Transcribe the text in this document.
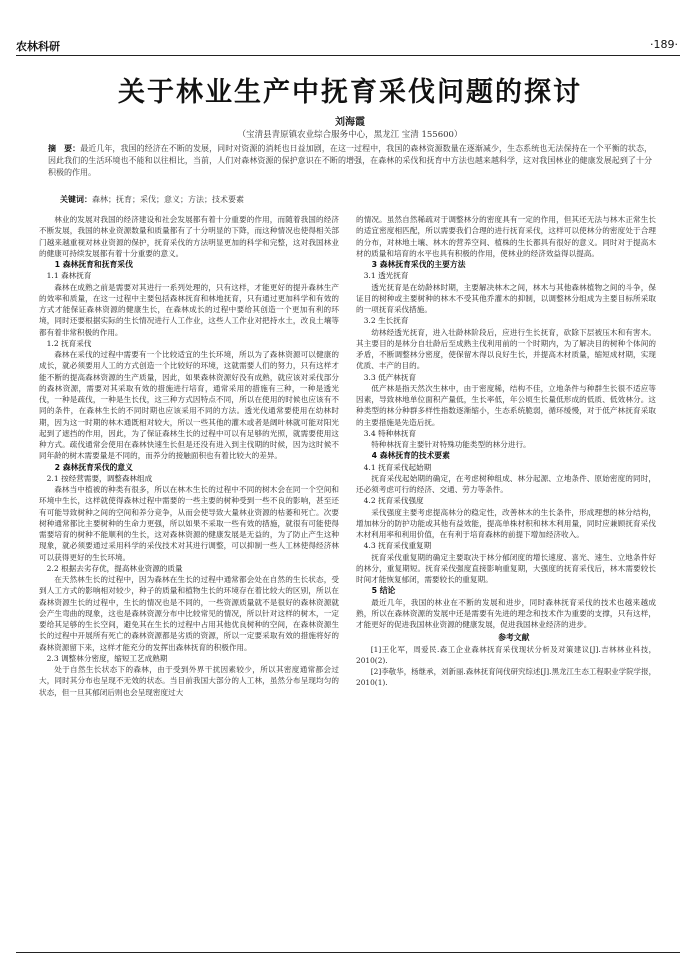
农林科研	·189·
关于林业生产中抚育采伐问题的探讨
刘海霞
（宝清县青原镇农业综合服务中心，黑龙江 宝清 155600）
摘　要：最近几年，我国的经济在不断的发展，同时对资源的消耗也日益加剧，在这一过程中，我国的森林资源数量在逐渐减少，生态系统也无法保持在一个平衡的状态，因此我们的生活环境也不能和以往相比，当前，人们对森林资源的保护意识在不断的增强，在森林的采伐和抚育中方法也越来越科学，这对我国林业的健康发展起到了十分积极的作用。
关键词：森林；抚育；采伐；意义；方法；技术要素

林业的发展对我国的经济建设和社会发展都有着十分重要的作用，而随着我国的经济不断发展，我国的林业资源数量和质量都有了十分明显的下降，而这种情况也使得相关部门越来越重视对林业资源的保护，抚育采伐的方法明显更加的科学和完整，这对我国林业的健康可持续发展都有着十分重要的意义。

1 森林抚育和抚育采伐

1.1 森林抚育

森林在成熟之前是需要对其进行一系列处理的，只有这样，才能更好的提升森林生产的效率和质量，在这一过程中主要包括森林抚育和林地抚育，只有通过更加科学和有效的方式才能保证森林资源的健康生长，在森林成长的过程中要给其创造一个更加有利的环境，同时还要根据实际的生长情况进行人工作业，这些人工作业对把持水土，改良土壤等都有着非常积极的作用。

1.2 抚育采伐

森林在采伐的过程中需要有一个比较适宜的生长环境，所以为了森林资源可以健康的成长，就必须要用人工的方式创造一个比较好的环境，这就需要人们的努力，只有这样才能不断的提高森林资源的生产质量，因此，如果森林资源好没有成熟，就应该对采伐部分的森林资源，需要对其采取有效的措施进行培育，通常采用的措施有三种，一种是透光伐，一种是疏伐，一种是生长伐，这三种方式因特点不同，所以在使用的时候也应该有不同的条件，在森林生长的不同时期也应该采用不同的方法。透光伐通常要使用在幼林时期，因为这一时期的林木通既相对较大，所以一些其他的灌木或者是阔叶林就可能对阳光起到了遮挡的作用，因此，为了保证森林生长的过程中可以有足够的光照，就需要使用这种方式。疏伐通常会使用在森林快速生长但是还没有进入到主伐期的时候，因为这时候不同年龄的树木需要量是不同的，而养分的接触面积也有着比较大的差异。

2 森林抚育采伐的意义

2.1 按经营需要，调整森林组成

森林当中植被的种类有很多，所以在林木生长的过程中不同的树木会在同一个空间和环境中生长，这样就使得森林过程中需要的一些主要的树种受到一些不良的影响，甚至还有可能导致树种之间的空间和养分竞争，从而会使导致大量林业资源的枯萎和死亡。次要树种通常都比主要树种的生命力更强，所以如果不采取一些有效的措施，就很有可能使得需要培育的树种不能顺利的生长，这对森林资源的健康发展是无益的，为了防止产生这种现象，就必须要通过采用科学的采伐技术对其进行调整，可以抑制一些人工林使得经济林可以获得更好的生长环境。

2.2 根据去劣存优，提高林业资源的质量

在天然林生长的过程中，因为森林在生长的过程中通常都会处在自然的生长状态，受到人工方式的影响相对较少，种子的质量和植物生长的环境存在着比较大的区别，所以在森林资源生长的过程中，生长的情况也是不同的，一些资源质量就不是很好的森林资源就会产生弯曲的现象，这也是森林资源分布中比较常见的情况，所以针对这样的树木，一定要给其足够的生长空间，避免其在生长的过程中占用其他优良树种的空间，在森林资源生长的过程中开展所有死亡的森林资源都是劣质的资源，所以一定要采取有效的措施将好的森林资源留下来，这样才能充分的发挥出森林抚育的积极作用。

2.3 调整林分密度，缩短工艺成熟期

处于自然生长状态下的森林，由于受到外界干扰因素较少，所以其密度通常都会过大，同时其分布也呈现不无效的状态。当目前我国大部分的人工林，虽然分布呈现均匀的状态，但一旦其郁闭后则也会呈现密度过大

的情况。虽然自然稀疏对于调整林分的密度具有一定的作用，但其还无法与林木正常生长的适宜密度相匹配，所以需要我们合理的进行抚育采伐，这样可以使林分的密度处于合理的分布，对林地土壤、林木的营养空间、植株的生长都具有很好的意义。同时对于提高木材的质量和培育的水平也具有积极的作用，使林业的经济效益得以提高。

3 森林抚育采伐的主要方法

3.1 透光抚育

透光抚育是在幼龄林时期，主要解决林木之间，林木与其他森林植物之间的斗争，保证目的树种或主要树种的林木不受其他乔灌木的抑制，以调整林分组成为主要目标所采取的一项抚育采伐措施。

3.2 生长抚育

幼林经透光抚育，进入壮龄林阶段后，应进行生长抚育，砍除下层被压木和有害木。其主要目的是林分自壮龄后至成熟主伐利用前的一个时期内，为了解决目的树种个体间的矛盾，不断调整林分密度，使保留木得以良好生长，并提高木材质量，缩短成材期，实现优质、丰产的目的。

3.3 低产林抚育

低产林是指天然次生林中，由于密度稀，结构不佳，立地条件与种群生长很不适应等因素，导致林地单位面积产量低，生长率低，年公顷生长量低形成的低质、低效林分。这种类型的林分种群多样性指数逐渐缩小，生态系统脆弱，循环缓慢，对于低产林抚育采取的主要措施是先造后抚。

3.4 特种林抚育

特种林抚育主要针对特殊功能类型的林分进行。

4 森林抚育的技术要素

4.1 抚育采伐起始期

抚育采伐起始期的确定，在考虑树种组成、林分起源、立地条件、原始密度的同时，还必须考虑可行的经济、交通、劳力等条件。

4.2 抚育采伐强度

采伐强度主要考虑提高林分的稳定性，改善林木的生长条件，形成理想的林分结构，增加林分的防护功能或其他有益效能，提高单株材积和林木利用量，同时应兼顾抚育采伐木材利用率和利用价值，在有利于培育森林的前提下增加经济收入。

4.3 抚育采伐重复期

抚育采伐重复期的确定主要取决于林分郁闭度的增长速度、喜光、速生、立地条件好的林分，重复期短。抚育采伐强度直接影响重复期，大强度的抚育采伐后，林木需要较长时间才能恢复郁闭，需要较长的重复期。

5 结论

最近几年，我国的林业在不断的发展和进步，同时森林抚育采伐的技术也越来越成熟，所以在森林资源的发展中还是需要有先进的理念和技术作为重要的支撑，只有这样，才能更好的促进我国林业资源的健康发展，促进我国林业经济的进步。

参考文献

[1]王化军，周爱民.森工企业森林抚育采伐现状分析及对策建议[J].吉林林业科技，2010(2).

[2]李敬华，杨继承，刘新丽.森林抚育间伐研究综述[J].黑龙江生态工程职业学院学报，2010(1).
